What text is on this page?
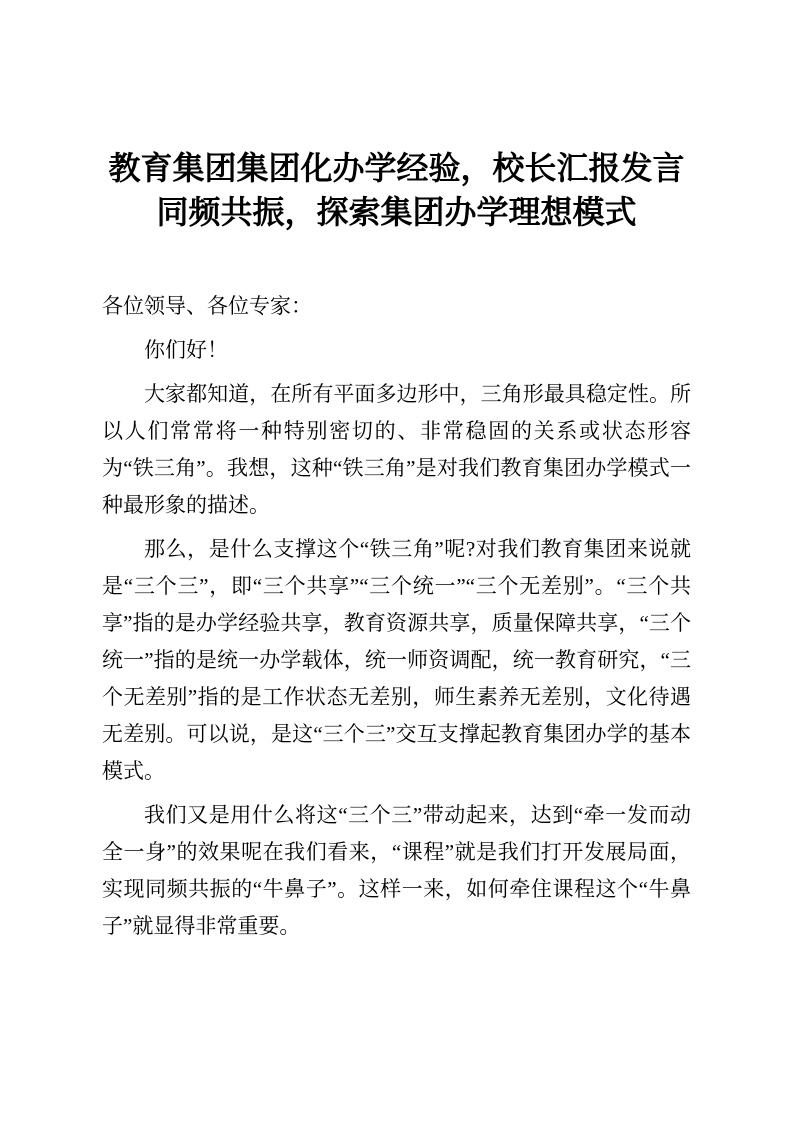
教育集团集团化办学经验，校长汇报发言
同频共振，探索集团办学理想模式

各位领导、各位专家：

你们好！

大家都知道，在所有平面多边形中，三角形最具稳定性。所以人们常常将一种特别密切的、非常稳固的关系或状态形容为“铁三角”。我想，这种“铁三角”是对我们教育集团办学模式一种最形象的描述。

那么，是什么支撑这个“铁三角”呢?对我们教育集团来说就是“三个三”，即“三个共享”“三个统一”“三个无差别”。“三个共享”指的是办学经验共享，教育资源共享，质量保障共享，“三个统一”指的是统一办学载体，统一师资调配，统一教育研究，“三个无差别”指的是工作状态无差别，师生素养无差别，文化待遇无差别。可以说，是这“三个三”交互支撑起教育集团办学的基本模式。

我们又是用什么将这“三个三”带动起来，达到“牵一发而动全一身”的效果呢在我们看来，“课程”就是我们打开发展局面，实现同频共振的“牛鼻子”。这样一来，如何牵住课程这个“牛鼻子”就显得非常重要。
